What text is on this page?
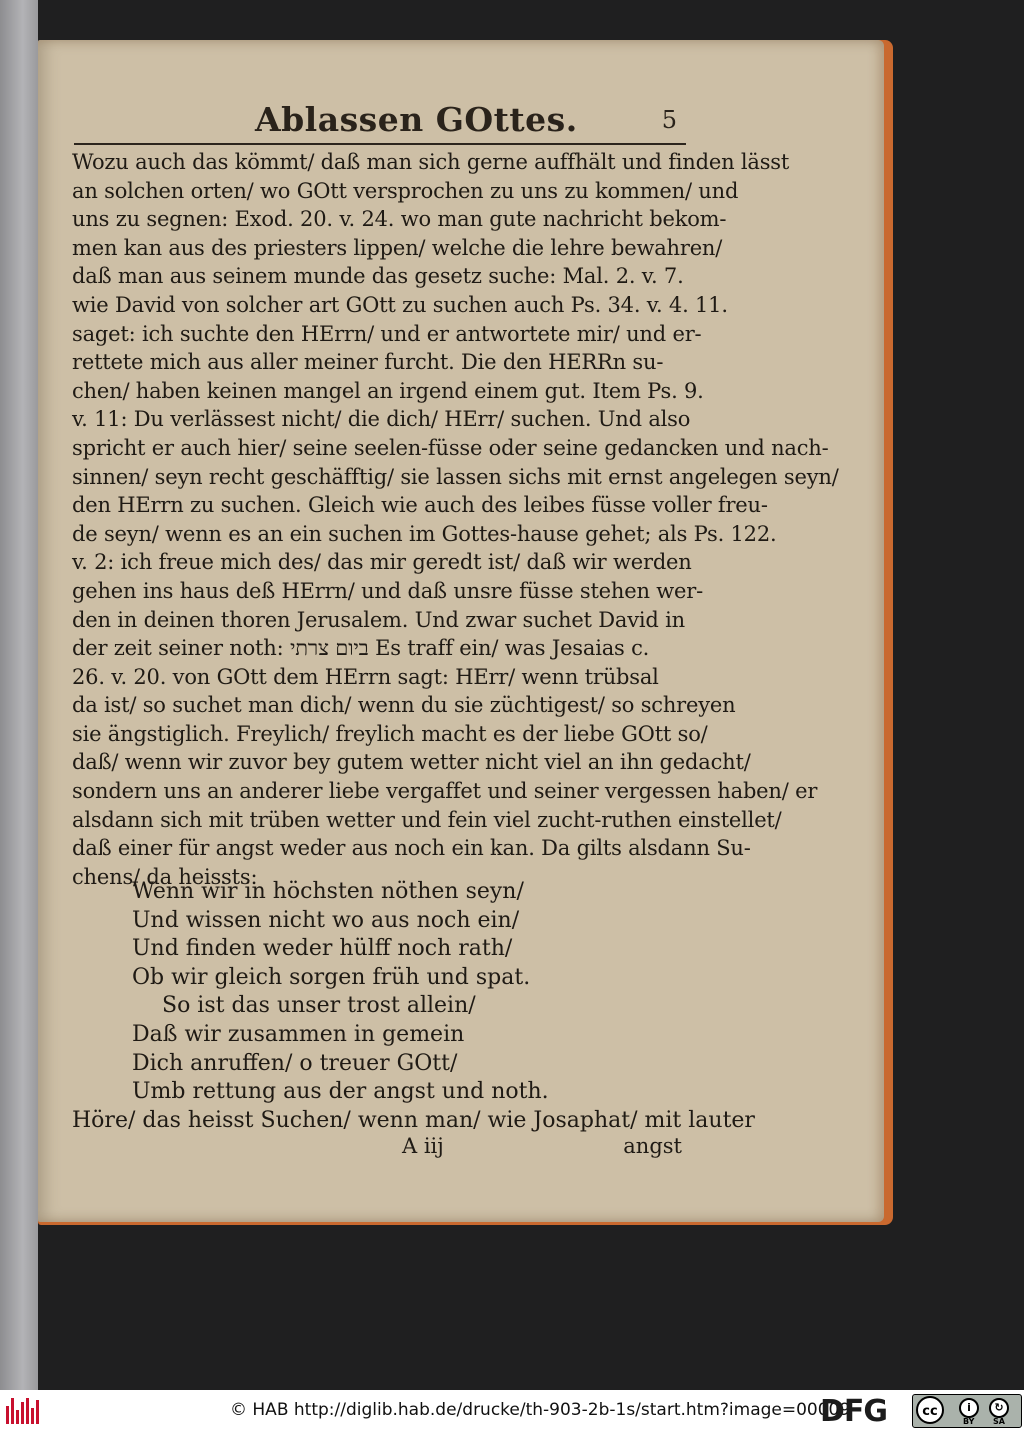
Ablassen GOttes.	5
Wozu auch das kömmt/ daß man sich gerne auffhält und finden lässt
an solchen orten/ wo GOtt versprochen zu uns zu kommen/ und
uns zu segnen: Exod. 20. v. 24. wo man gute nachricht bekom-
men kan aus des priesters lippen/ welche die lehre bewahren/
daß man aus seinem munde das gesetz suche: Mal. 2. v. 7.
wie David von solcher art GOtt zu suchen auch Ps. 34. v. 4. 11.
saget: ich suchte den HErrn/ und er antwortete mir/ und er-
rettete mich aus aller meiner furcht. Die den HERRn su-
chen/ haben keinen mangel an irgend einem gut. Item Ps. 9.
v. 11: Du verlässest nicht/ die dich/ HErr/ suchen. Und also
spricht er auch hier/ seine seelen-füsse oder seine gedancken und nach-
sinnen/ seyn recht geschäfftig/ sie lassen sichs mit ernst angelegen seyn/
den HErrn zu suchen. Gleich wie auch des leibes füsse voller freu-
de seyn/ wenn es an ein suchen im Gottes-hause gehet; als Ps. 122.
v. 2: ich freue mich des/ das mir geredt ist/ daß wir werden
gehen ins haus deß HErrn/ und daß unsre füsse stehen wer-
den in deinen thoren Jerusalem. Und zwar suchet David in
der zeit seiner noth: ביום צרתי Es traff ein/ was Jesaias c.
26. v. 20. von GOtt dem HErrn sagt: HErr/ wenn trübsal
da ist/ so suchet man dich/ wenn du sie züchtigest/ so schreyen
sie ängstiglich. Freylich/ freylich macht es der liebe GOtt so/
daß/ wenn wir zuvor bey gutem wetter nicht viel an ihn gedacht/
sondern uns an anderer liebe vergaffet und seiner vergessen haben/ er
alsdann sich mit trüben wetter und fein viel zucht-ruthen einstellet/
daß einer für angst weder aus noch ein kan. Da gilts alsdann Su-
chens/ da heissts:
Wenn wir in höchsten nöthen seyn/
Und wissen nicht wo aus noch ein/
Und finden weder hülff noch rath/
Ob wir gleich sorgen früh und spat.
So ist das unser trost allein/
Daß wir zusammen in gemein
Dich anruffen/ o treuer GOtt/
Umb rettung aus der angst und noth.
Höre/ das heisst Suchen/ wenn man/ wie Josaphat/ mit lauter
A iij	angst
© HAB http://diglib.hab.de/drucke/th-903-2b-1s/start.htm?image=00009
DFG	cc	i
BY
↻
SA
